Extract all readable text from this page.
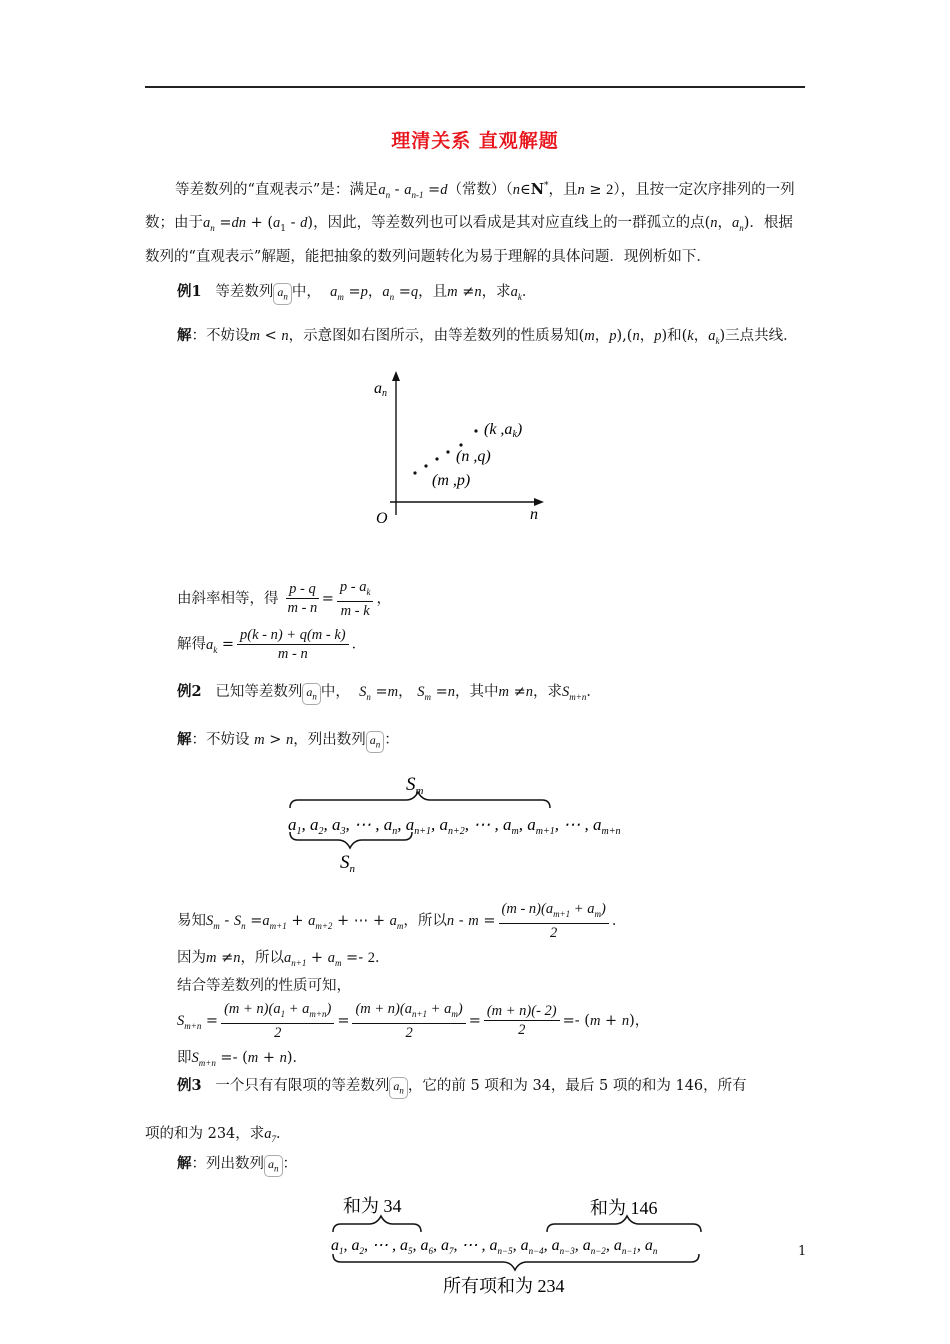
理清关系 直观解题
等差数列的“直观表示”是：满足$a_n - a_{n-1} =d$（常数）（n∈N*，且n ≥ 2），且按一定次序排列的一列数；由于$a_n =dn + (a_1 - d)$，因此，等差数列也可以看成是其对应直线上的一群孤立的点(n，$a_n$)．根据数列的“直观表示”解题，能把抽象的数列问题转化为易于理解的具体问题．现例析如下．
例1 等差数列 $a_n$ 中， $a_m =p$，$a_n =q$，且m ≠n，求$a_k$．
解：不妨设m < n，示意图如右图所示，由等差数列的性质易知(m，p),(n，p)和(k，$a_k$)三点共线．
an
n
O
(m ,p)
(n ,q)
(k ,ak)
由斜率相等，得 $\frac{p - q}{m - n} = \frac{p - a_k}{m - k}$ ，
解得$a_k = \frac{p(k - n) + q(m - k)}{m - n}$ ．
例2 已知等差数列 $a_n$ 中， $S_n =m$， $S_m =n$，其中m ≠n，求$S_{m+n}$．
解：不妨设 m > n，列出数列 $a_n$ ：
$S_m$
$a_1$, $a_2$, $a_3$, ⋯ , $a_n$, $a_{n+1}$, $a_{n+2}$, ⋯ , $a_m$, $a_{m+1}$, ⋯ , $a_{m+n}$
$S_n$
易知$S_m - S_n =a_{m+1} + a_{m+2}$ + ⋯ + $a_m$，所以$n - m = \frac{(m - n)(a_{m+1} + a_m)}{2}$ ．
因为m ≠n，所以$a_{n+1} + a_m =- 2$．
结合等差数列的性质可知，
$S_{m+n} = \frac{(m + n)(a_1 + a_{m+n})}{2} = \frac{(m + n)(a_{n+1} + a_m)}{2} = \frac{(m + n)(- 2)}{2} =- (m + n)$，
即$S_{m+n} =- (m + n)$．
例3 一个只有有限项的等差数列 $a_n$ ，它的前 5 项和为 34，最后 5 项的和为 146，所有
项的和为 234，求$a_7$．
解：列出数列 $a_n$ ：
和为 34	和为 146
$a_1$, $a_2$, ⋯ , $a_5$, $a_6$, $a_7$, ⋯ , $a_{n-5}$, $a_{n-4}$, $a_{n-3}$, $a_{n-2}$, $a_{n-1}$, $a_n$
所有项和为 234
1
